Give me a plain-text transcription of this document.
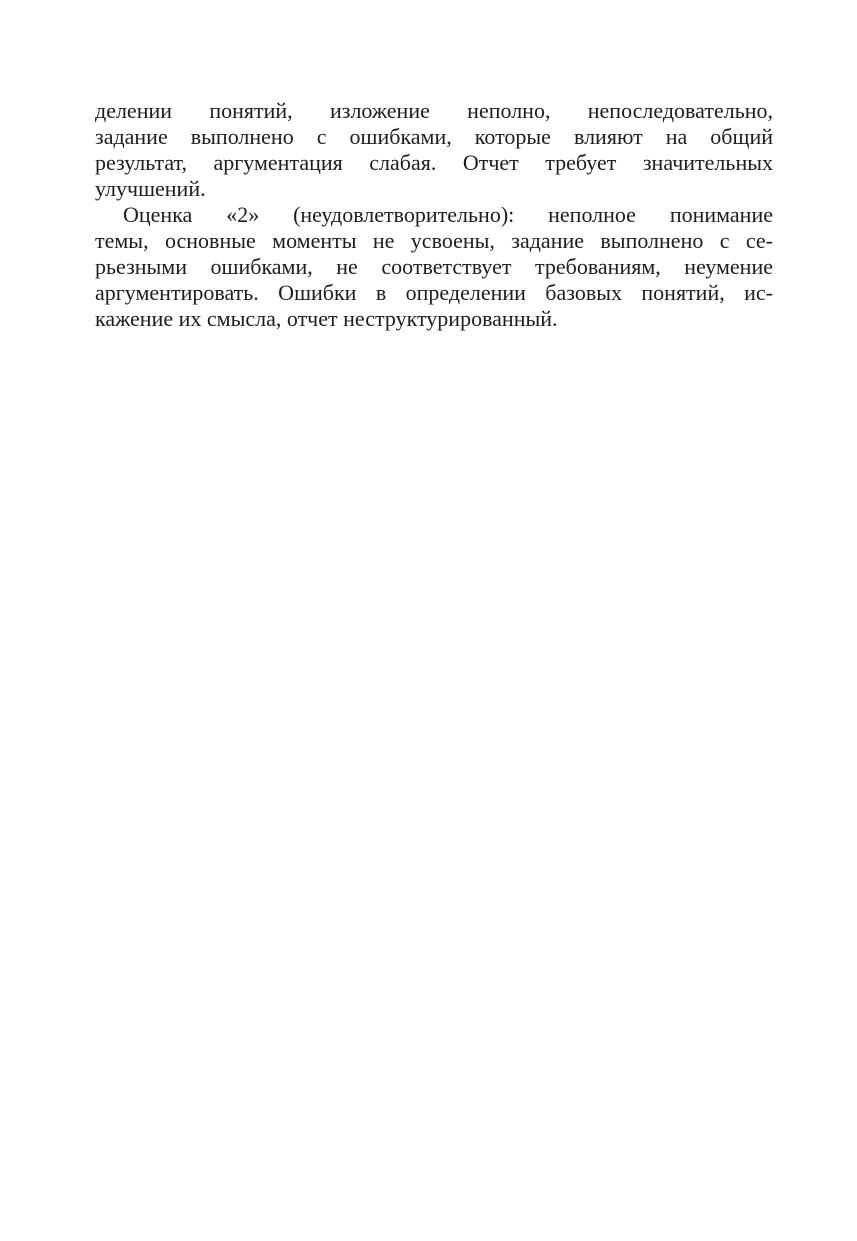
делении понятий, изложение неполно, непоследовательно,
задание выполнено с ошибками, которые влияют на общий
результат, аргументация слабая. Отчет требует значительных
улучшений.
Оценка «2» (неудовлетворительно): неполное понимание
темы, основные моменты не усвоены, задание выполнено с се-
рьезными ошибками, не соответствует требованиям, неумение
аргументировать. Ошибки в определении базовых понятий, ис-
кажение их смысла, отчет неструктурированный.
